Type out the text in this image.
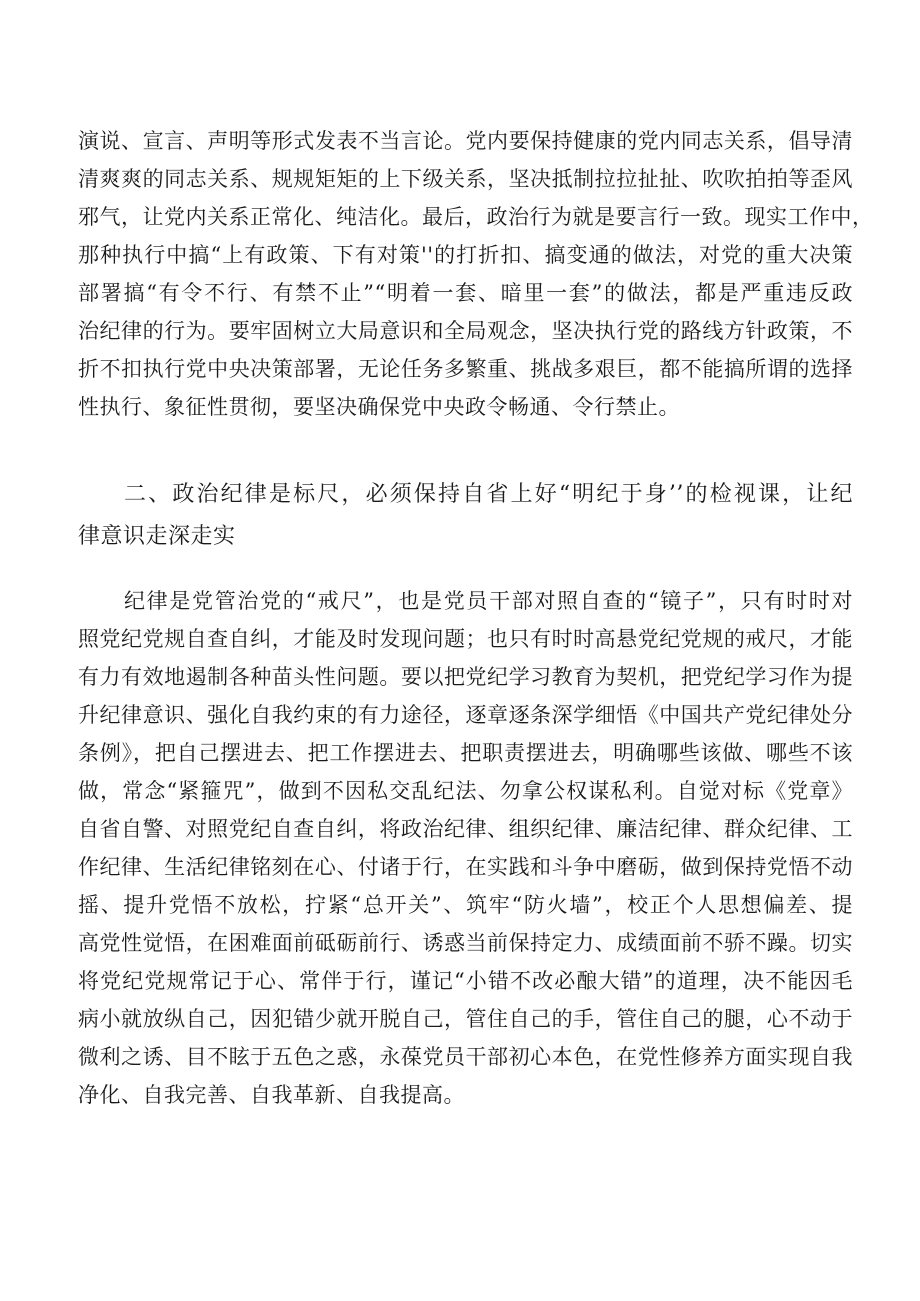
演说、宣言、声明等形式发表不当言论。党内要保持健康的党内同志关系，倡导清
清爽爽的同志关系、规规矩矩的上下级关系，坚决抵制拉拉扯扯、吹吹拍拍等歪风
邪气，让党内关系正常化、纯洁化。最后，政治行为就是要言行一致。现实工作中，
那种执行中搞“上有政策、下有对策''的打折扣、搞变通的做法，对党的重大决策
部署搞“有令不行、有禁不止”“明着一套、暗里一套”的做法，都是严重违反政
治纪律的行为。要牢固树立大局意识和全局观念，坚决执行党的路线方针政策，不
折不扣执行党中央决策部署，无论任务多繁重、挑战多艰巨，都不能搞所谓的选择
性执行、象征性贯彻，要坚决确保党中央政令畅通、令行禁止。
二、政治纪律是标尺，必须保持自省上好“明纪于身’’的检视课，让纪
律意识走深走实
纪律是党管治党的“戒尺”，也是党员干部对照自查的“镜子”，只有时时对
照党纪党规自查自纠，才能及时发现问题；也只有时时高悬党纪党规的戒尺，才能
有力有效地遏制各种苗头性问题。要以把党纪学习教育为契机，把党纪学习作为提
升纪律意识、强化自我约束的有力途径，逐章逐条深学细悟《中国共产党纪律处分
条例》，把自己摆进去、把工作摆进去、把职责摆进去，明确哪些该做、哪些不该
做，常念“紧箍咒”，做到不因私交乱纪法、勿拿公权谋私利。自觉对标《党章》
自省自警、对照党纪自查自纠，将政治纪律、组织纪律、廉洁纪律、群众纪律、工
作纪律、生活纪律铭刻在心、付诸于行，在实践和斗争中磨砺，做到保持党悟不动
摇、提升党悟不放松，拧紧“总开关”、筑牢“防火墙”，校正个人思想偏差、提
高党性觉悟，在困难面前砥砺前行、诱惑当前保持定力、成绩面前不骄不躁。切实
将党纪党规常记于心、常伴于行，谨记“小错不改必酿大错”的道理，决不能因毛
病小就放纵自己，因犯错少就开脱自己，管住自己的手，管住自己的腿，心不动于
微利之诱、目不眩于五色之惑，永葆党员干部初心本色，在党性修养方面实现自我
净化、自我完善、自我革新、自我提高。
